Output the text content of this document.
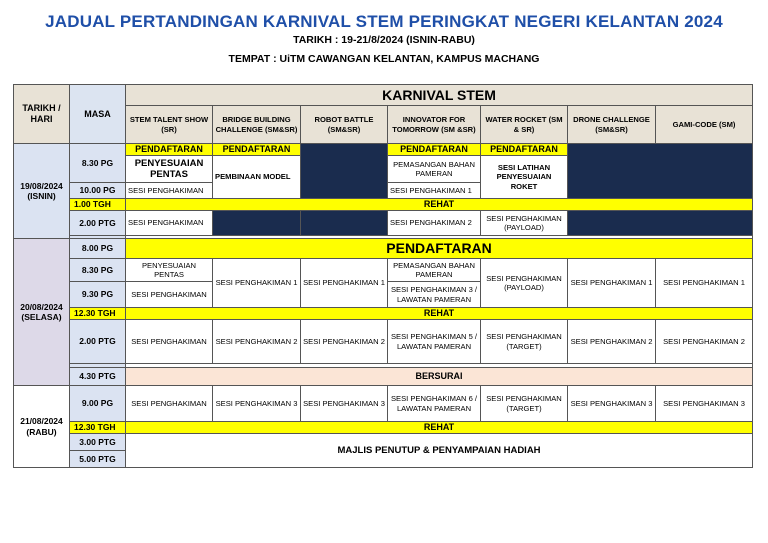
JADUAL PERTANDINGAN KARNIVAL STEM PERINGKAT NEGERI KELANTAN 2024
TARIKH : 19-21/8/2024 (ISNIN-RABU)
TEMPAT : UiTM CAWANGAN KELANTAN, KAMPUS MACHANG
TARIKH / HARI	MASA	KARNIVAL STEM						
		STEM TALENT SHOW (SR)	BRIDGE BUILDING CHALLENGE (SM&SR)	ROBOT BATTLE (SM&SR)	INNOVATOR FOR TOMORROW (SM &SR)	WATER ROCKET (SM & SR)	DRONE CHALLENGE (SM&SR)	GAMI-CODE (SM)
19/08/2024 (ISNIN)	8.30 PG	PENDAFTARAN	PENDAFTARAN		PENDAFTARAN	PENDAFTARAN		
		PENYESUAIAN PENTAS	PEMBINAAN MODEL		PEMASANGAN BAHAN PAMERAN	SESI LATIHAN PENYESUAIAN ROKET		
	10.00 PG	SESI PENGHAKIMAN			SESI PENGHAKIMAN 1			
	1.00 TGH	REHAT						
	2.00 PTG	SESI PENGHAKIMAN			SESI PENGHAKIMAN 2	SESI PENGHAKIMAN (PAYLOAD)		

20/08/2024 (SELASA)	8.00 PG	PENDAFTARAN						
	8.30 PG	PENYESUAIAN PENTAS	SESI PENGHAKIMAN 1	SESI PENGHAKIMAN 1	PEMASANGAN BAHAN PAMERAN	SESI PENGHAKIMAN (PAYLOAD)	SESI PENGHAKIMAN 1	SESI PENGHAKIMAN 1
	9.30 PG	SESI PENGHAKIMAN			SESI PENGHAKIMAN 3 / LAWATAN PAMERAN			
	12.30 TGH	REHAT						
	2.00 PTG	SESI PENGHAKIMAN	SESI PENGHAKIMAN 2	SESI PENGHAKIMAN 2	SESI PENGHAKIMAN 5 / LAWATAN PAMERAN	SESI PENGHAKIMAN (TARGET)	SESI PENGHAKIMAN 2	SESI PENGHAKIMAN 2

	4.30 PTG	BERSURAI						
21/08/2024 (RABU)	9.00 PG	SESI PENGHAKIMAN	SESI PENGHAKIMAN 3	SESI PENGHAKIMAN 3	SESI PENGHAKIMAN 6 / LAWATAN PAMERAN	SESI PENGHAKIMAN (TARGET)	SESI PENGHAKIMAN 3	SESI PENGHAKIMAN 3
	12.30 TGH	REHAT						
	3.00 PTG	MAJLIS PENUTUP & PENYAMPAIAN HADIAH						
	5.00 PTG							
